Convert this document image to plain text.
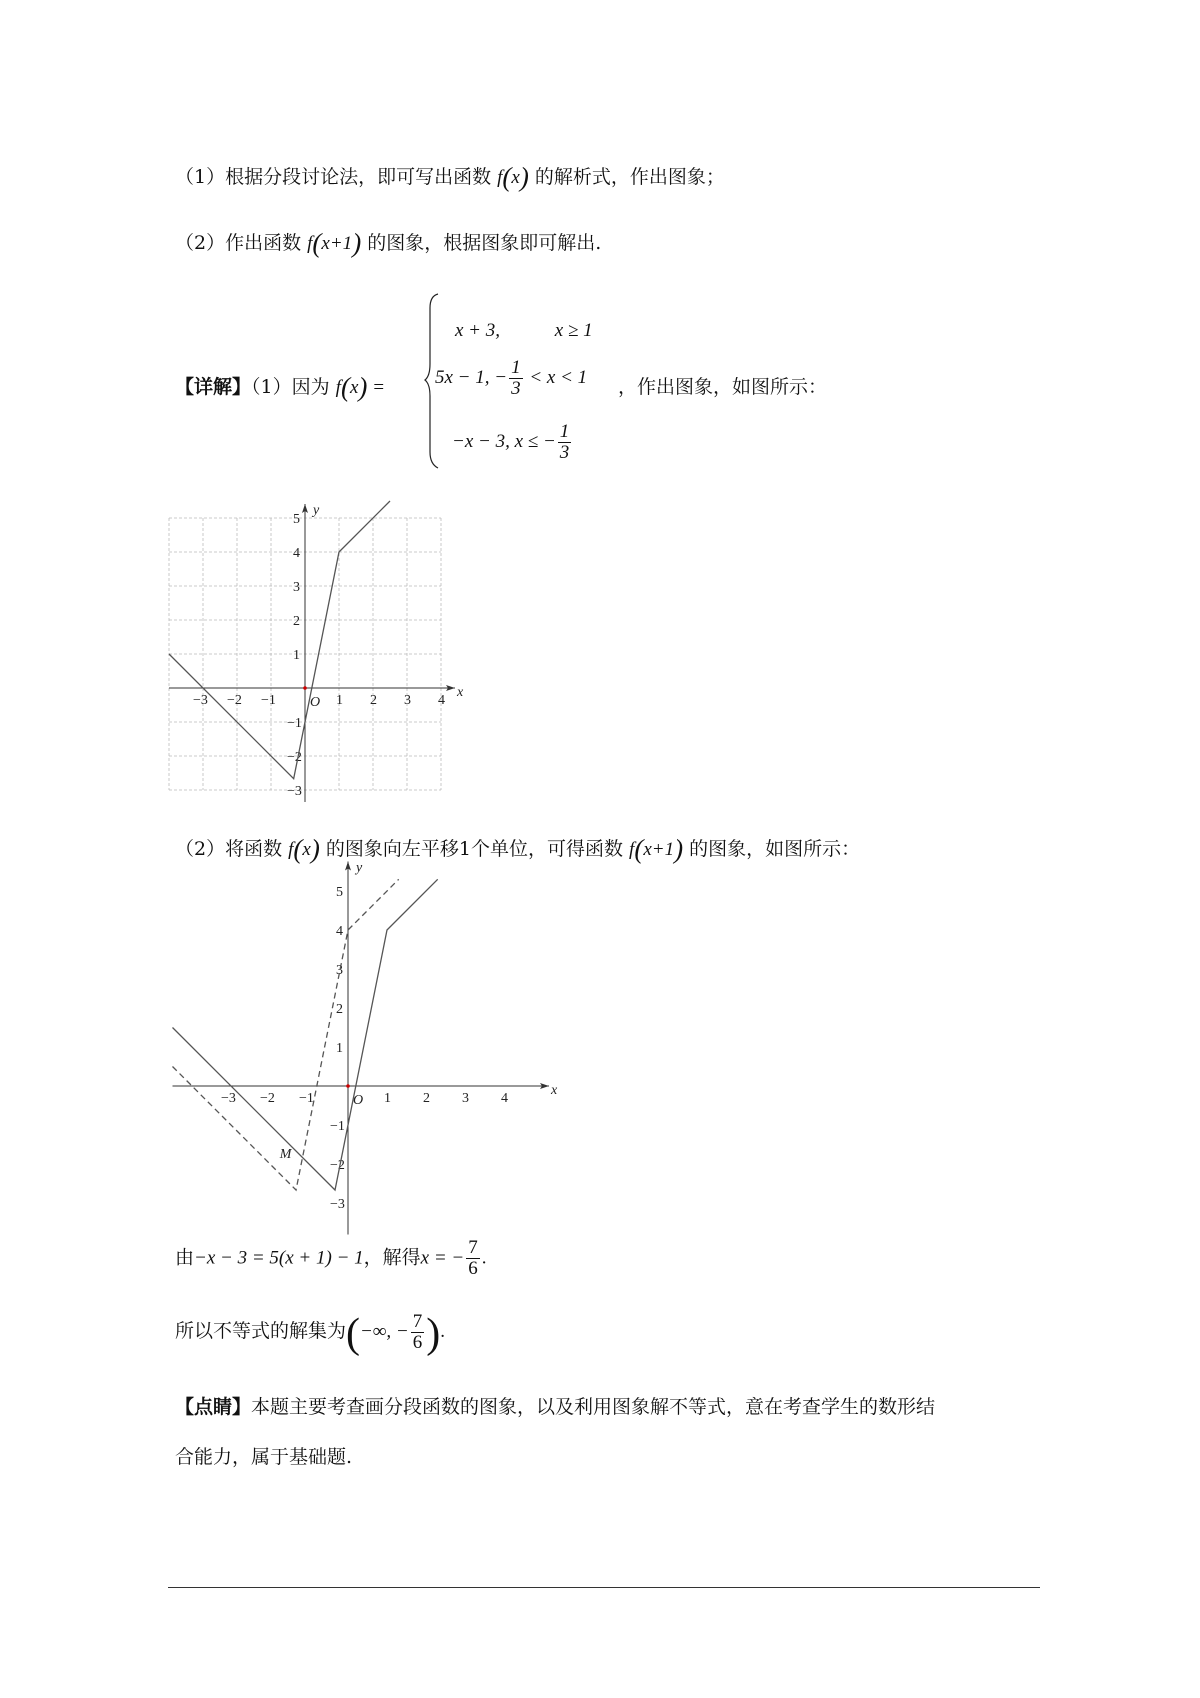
（1）根据分段讨论法，即可写出函数 f(x) 的解析式，作出图象；
（2）作出函数 f(x+1) 的图象，根据图象即可解出.
【详解】（1）因为 f(x) =
x + 3,	x ≥ 1
5x − 1, − $\frac{1}{3} < x < 1$ ，作出图象，如图所示：
−x − 3, x ≤ − $\frac{1}{3}$
x
y
O
−3 −2 −1	1 2 3 4
5
4
3
2
1
−1
−2
−3
（2）将函数 f(x) 的图象向左平移1个单位，可得函数 f(x+1) 的图象，如图所示：
x
y
O
−3 −2 −1	1 2 3 4
5
4
3
2
1
−1
−2
−3
M
由−x − 3 = 5(x + 1) − 1，解得x = − $\frac{7}{6}$ .
所以不等式的解集为(−∞, − $\frac{7}{6}$ ).
【点睛】本题主要考查画分段函数的图象，以及利用图象解不等式，意在考查学生的数形结
合能力，属于基础题.
